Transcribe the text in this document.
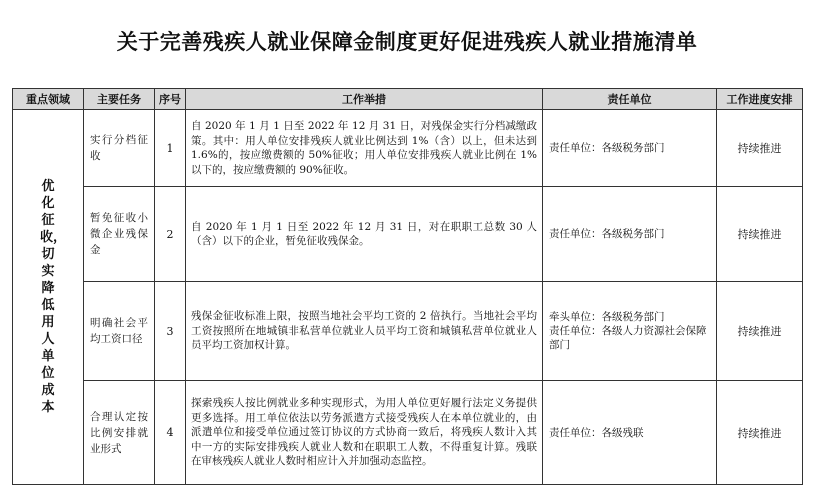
关于完善残疾人就业保障金制度更好促进残疾人就业措施清单
重点领域	主要任务	序号	工作举措	责任单位	工作进度安排
优化征收，切实降低用人单位成本	实行分档征收	1	自 2020 年 1 月 1 日至 2022 年 12 月 31 日，对残保金实行分档减缴政策。其中：用人单位安排残疾人就业比例达到 1%（含）以上，但未达到 1.6%的，按应缴费额的 50%征收；用人单位安排残疾人就业比例在 1%以下的，按应缴费额的 90%征收。	责任单位：各级税务部门	持续推进

	暂免征收小微企业残保金	2	自 2020 年 1 月 1 日至 2022 年 12 月 31 日，对在职职工总数 30 人（含）以下的企业，暂免征收残保金。	责任单位：各级税务部门	持续推进

	明确社会平均工资口径	3	残保金征收标准上限，按照当地社会平均工资的 2 倍执行。当地社会平均工资按照所在地城镇非私营单位就业人员平均工资和城镇私营单位就业人员平均工资加权计算。	牵头单位：各级税务部门
责任单位：各级人力资源社会保障部门	持续推进

	合理认定按比例安排就业形式	4	探索残疾人按比例就业多种实现形式，为用人单位更好履行法定义务提供更多选择。用工单位依法以劳务派遣方式接受残疾人在本单位就业的，由派遣单位和接受单位通过签订协议的方式协商一致后，将残疾人数计入其中一方的实际安排残疾人就业人数和在职职工人数，不得重复计算。残联在审核残疾人就业人数时相应计入并加强动态监控。	责任单位：各级残联	持续推进
